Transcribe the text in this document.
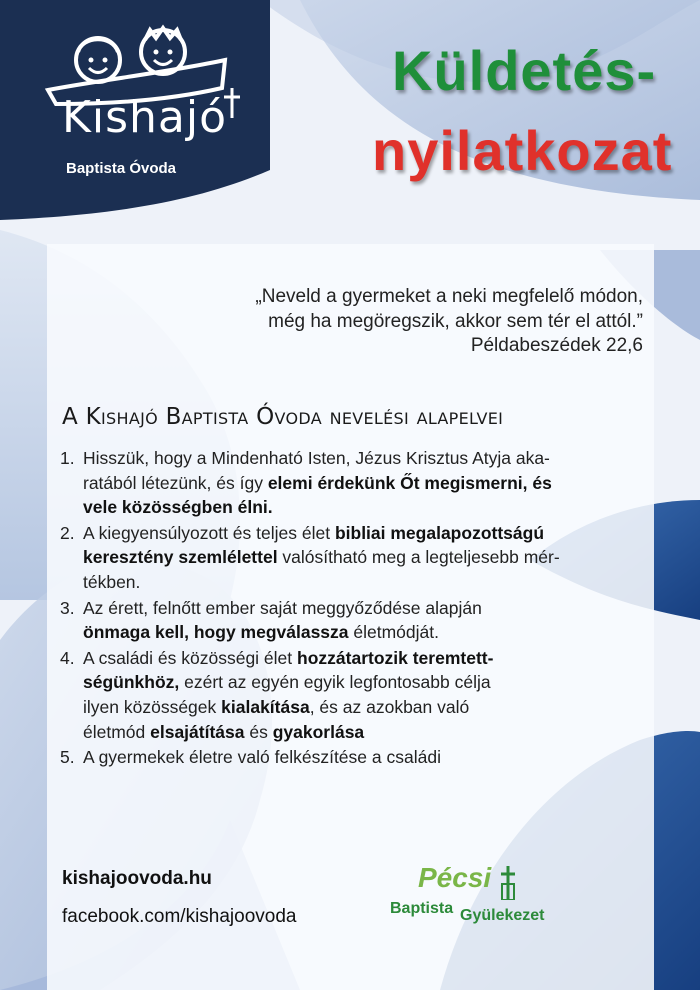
Kishajó
Baptista Óvoda
Küldetés-
nyilatkozat
„Neveld a gyermeket a neki megfelelő módon,
még ha megöregszik, akkor sem tér el attól.”
Példabeszédek 22,6
A Kishajó Baptista Óvoda nevelési alapelvei
1. Hisszük, hogy a Mindenható Isten, Jézus Krisztus Atyja aka-
ratából létezünk, és így elemi érdekünk Őt megismerni, és
vele közösségben élni.
2. A kiegyensúlyozott és teljes élet bibliai megalapozottságú
keresztény szemlélettel valósítható meg a legteljesebb mér-
tékben.
3. Az érett, felnőtt ember saját meggyőződése alapján
önmaga kell, hogy megválassza életmódját.
4. A családi és közösségi élet hozzátartozik teremtett-
ségünkhöz, ezért az egyén egyik legfontosabb célja
ilyen közösségek kialakítása, és az azokban való
életmód elsajátítása és gyakorlása
5. A gyermekek életre való felkészítése a családi
kishajoovoda.hu
facebook.com/kishajoovoda
Pécsi
Baptista Gyülekezet
